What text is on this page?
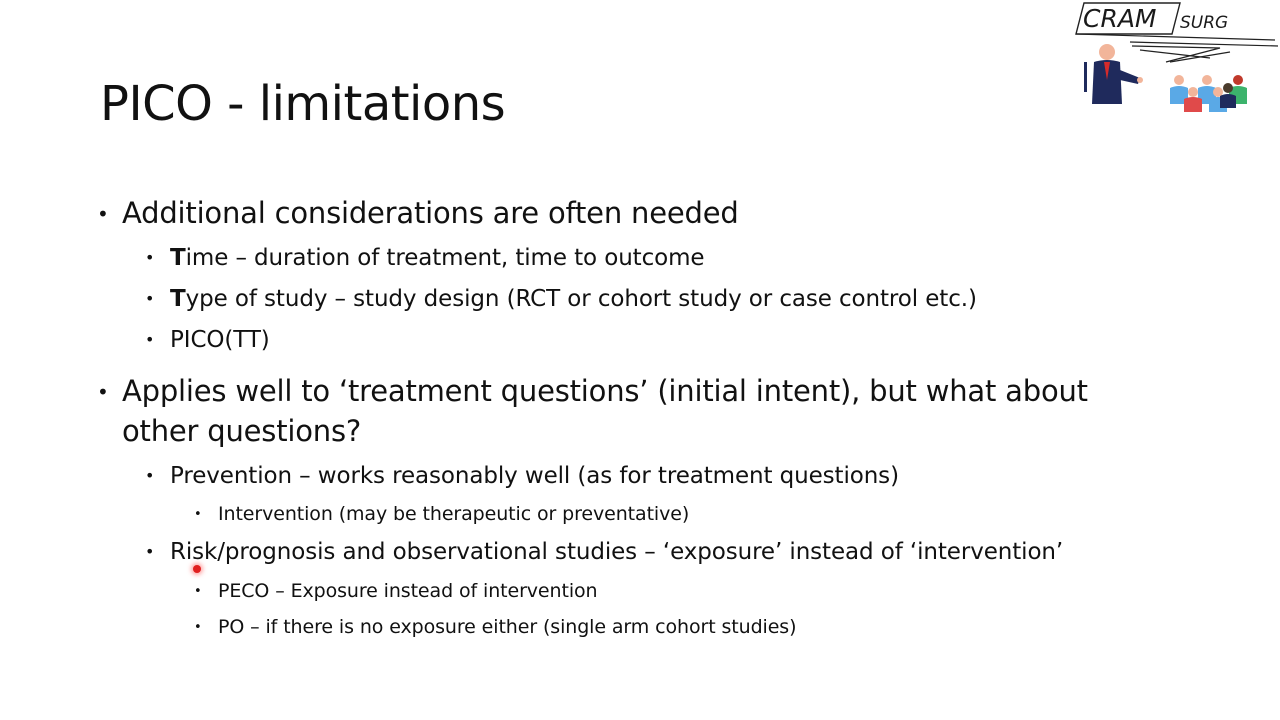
PICO - limitations
CRAM SURG
• Additional considerations are often needed
• Time – duration of treatment, time to outcome
• Type of study – study design (RCT or cohort study or case control etc.)
• PICO(TT)
• Applies well to ‘treatment questions’ (initial intent), but what about
other questions?
• Prevention – works reasonably well (as for treatment questions)
• Intervention (may be therapeutic or preventative)
• Risk/prognosis and observational studies – ‘exposure’ instead of ‘intervention’
• PECO – Exposure instead of intervention
• PO – if there is no exposure either (single arm cohort studies)
